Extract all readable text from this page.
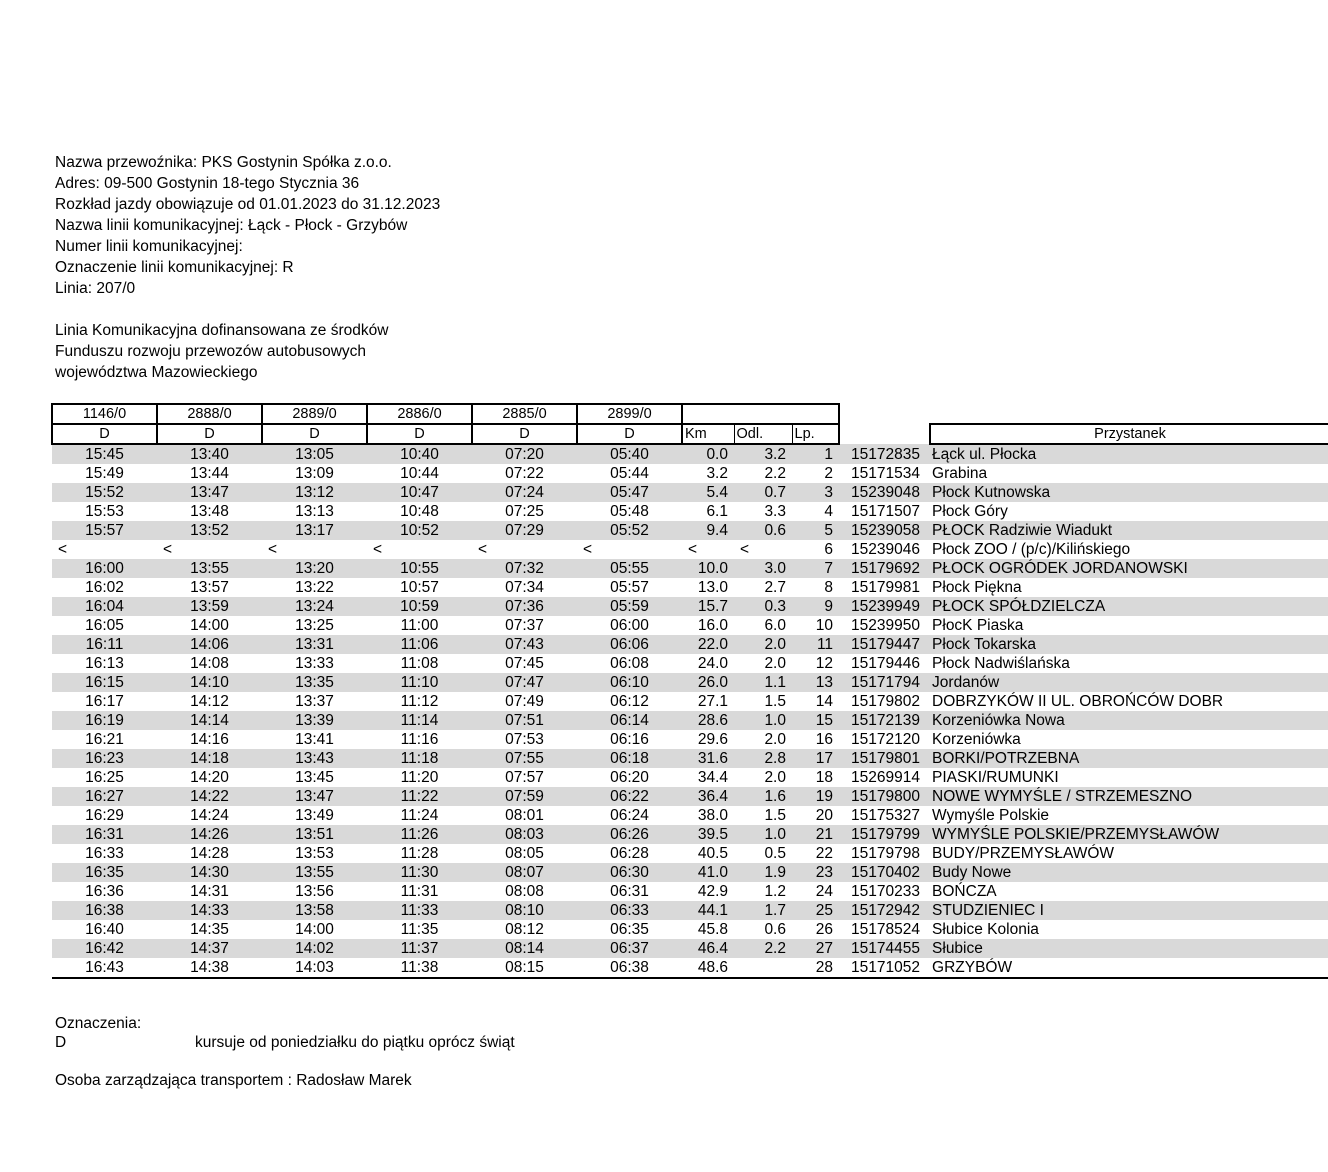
Nazwa przewoźnika: PKS Gostynin Spółka z.o.o.
Adres: 09-500 Gostynin 18-tego Stycznia 36
Rozkład jazdy obowiązuje od 01.01.2023 do 31.12.2023
Nazwa linii komunikacyjnej: Łąck - Płock - Grzybów
Numer linii komunikacyjnej:
Oznaczenie linii komunikacyjnej: R
Linia: 207/0
Linia Komunikacyjna dofinansowana ze środków
Funduszu rozwoju przewozów autobusowych
województwa Mazowieckiego
1146/0	2888/0	2889/0	2886/0	2885/0	2899/0					
D	D	D	D	D	D	Km	Odl.	Lp.		Przystanek
15:45	13:40	13:05	10:40	07:20	05:40	0.0	3.2	1	15172835	Łąck ul. Płocka
15:49	13:44	13:09	10:44	07:22	05:44	3.2	2.2	2	15171534	Grabina
15:52	13:47	13:12	10:47	07:24	05:47	5.4	0.7	3	15239048	Płock Kutnowska
15:53	13:48	13:13	10:48	07:25	05:48	6.1	3.3	4	15171507	Płock Góry
15:57	13:52	13:17	10:52	07:29	05:52	9.4	0.6	5	15239058	PŁOCK Radziwie Wiadukt
<	<	<	<	<	<	<	<	6	15239046	Płock ZOO / (p/c)/Kilińskiego
16:00	13:55	13:20	10:55	07:32	05:55	10.0	3.0	7	15179692	PŁOCK OGRÓDEK JORDANOWSKI
16:02	13:57	13:22	10:57	07:34	05:57	13.0	2.7	8	15179981	Płock Piękna
16:04	13:59	13:24	10:59	07:36	05:59	15.7	0.3	9	15239949	PŁOCK SPÓŁDZIELCZA
16:05	14:00	13:25	11:00	07:37	06:00	16.0	6.0	10	15239950	PłocK Piaska
16:11	14:06	13:31	11:06	07:43	06:06	22.0	2.0	11	15179447	Płock Tokarska
16:13	14:08	13:33	11:08	07:45	06:08	24.0	2.0	12	15179446	Płock Nadwiślańska
16:15	14:10	13:35	11:10	07:47	06:10	26.0	1.1	13	15171794	Jordanów
16:17	14:12	13:37	11:12	07:49	06:12	27.1	1.5	14	15179802	DOBRZYKÓW II UL. OBROŃCÓW DOBR
16:19	14:14	13:39	11:14	07:51	06:14	28.6	1.0	15	15172139	Korzeniówka Nowa
16:21	14:16	13:41	11:16	07:53	06:16	29.6	2.0	16	15172120	Korzeniówka
16:23	14:18	13:43	11:18	07:55	06:18	31.6	2.8	17	15179801	BORKI/POTRZEBNA
16:25	14:20	13:45	11:20	07:57	06:20	34.4	2.0	18	15269914	PIASKI/RUMUNKI
16:27	14:22	13:47	11:22	07:59	06:22	36.4	1.6	19	15179800	NOWE WYMYŚLE / STRZEMESZNO
16:29	14:24	13:49	11:24	08:01	06:24	38.0	1.5	20	15175327	Wymyśle Polskie
16:31	14:26	13:51	11:26	08:03	06:26	39.5	1.0	21	15179799	WYMYŚLE POLSKIE/PRZEMYSŁAWÓW
16:33	14:28	13:53	11:28	08:05	06:28	40.5	0.5	22	15179798	BUDY/PRZEMYSŁAWÓW
16:35	14:30	13:55	11:30	08:07	06:30	41.0	1.9	23	15170402	Budy Nowe
16:36	14:31	13:56	11:31	08:08	06:31	42.9	1.2	24	15170233	BOŃCZA
16:38	14:33	13:58	11:33	08:10	06:33	44.1	1.7	25	15172942	STUDZIENIEC I
16:40	14:35	14:00	11:35	08:12	06:35	45.8	0.6	26	15178524	Słubice Kolonia
16:42	14:37	14:02	11:37	08:14	06:37	46.4	2.2	27	15174455	Słubice
16:43	14:38	14:03	11:38	08:15	06:38	48.6		28	15171052	GRZYBÓW
Oznaczenia:
D	kursuje od poniedziałku do piątku oprócz świąt
Osoba zarządzająca transportem : Radosław Marek
